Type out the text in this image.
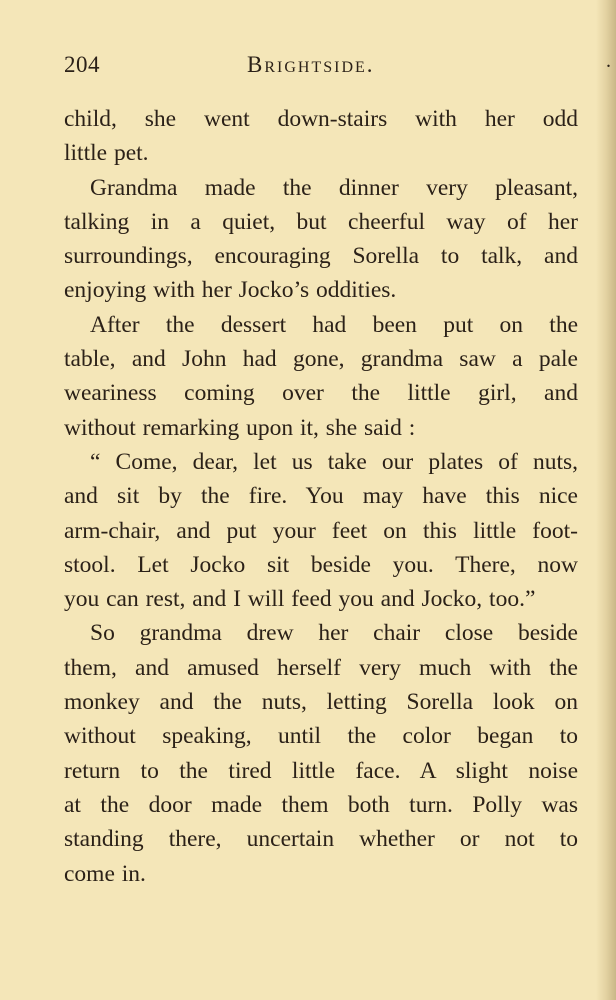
204	Brightside.	.
child, she went down-stairs with her odd
little pet.
Grandma made the dinner very pleasant,
talking in a quiet, but cheerful way of her
surroundings, encouraging Sorella to talk, and
enjoying with her Jocko’s oddities.
After the dessert had been put on the
table, and John had gone, grandma saw a pale
weariness coming over the little girl, and
without remarking upon it, she said :
“ Come, dear, let us take our plates of nuts,
and sit by the fire. You may have this nice
arm-chair, and put your feet on this little foot-
stool. Let Jocko sit beside you. There, now
you can rest, and I will feed you and Jocko, too.”
So grandma drew her chair close beside
them, and amused herself very much with the
monkey and the nuts, letting Sorella look on
without speaking, until the color began to
return to the tired little face. A slight noise
at the door made them both turn. Polly was
standing there, uncertain whether or not to
come in.
